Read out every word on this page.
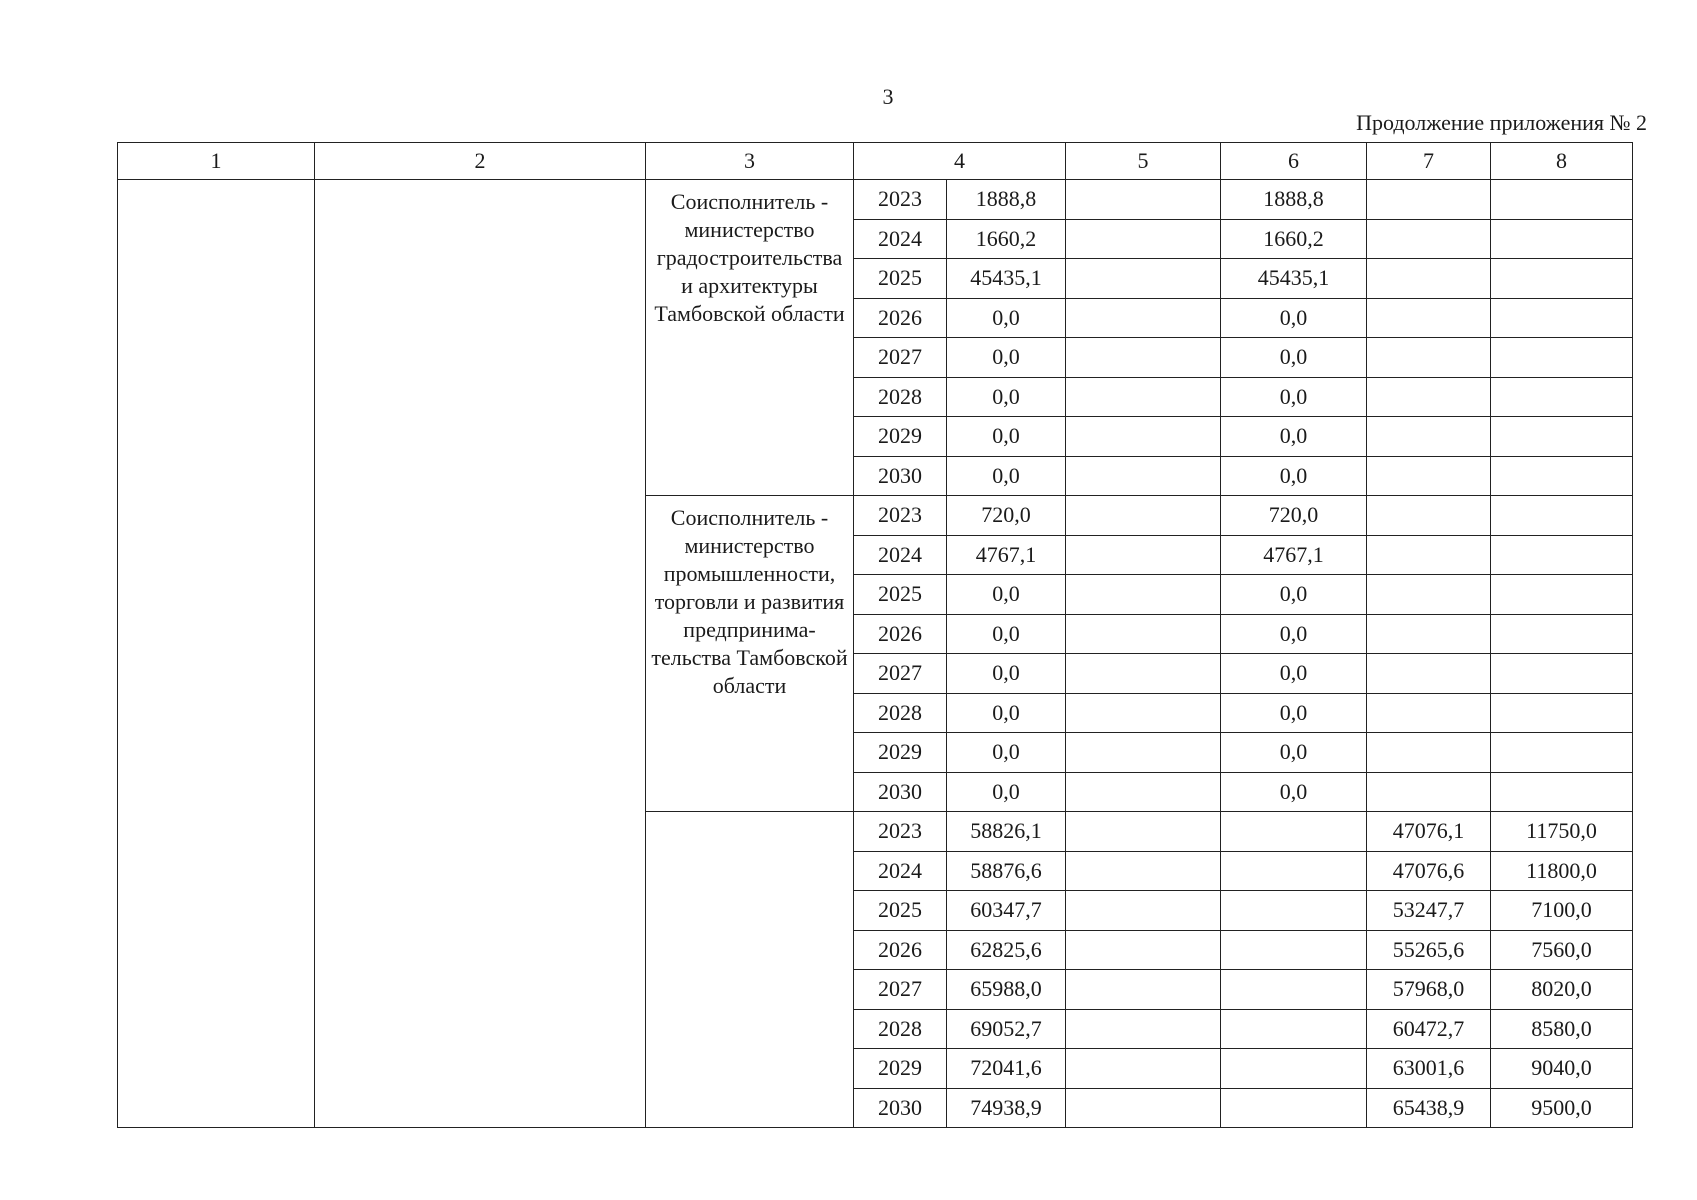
3
Продолжение приложения № 2
1	2	3	4		5	6	7	8
		Соисполнитель - министерство градостроительства и архитектуры Тамбовской области	2023	1888,8		1888,8		
			2024	1660,2		1660,2		
			2025	45435,1		45435,1		
			2026	0,0		0,0		
			2027	0,0		0,0		
			2028	0,0		0,0		
			2029	0,0		0,0		
			2030	0,0		0,0		
		Соисполнитель - министерство промышленности, торговли и развития предпринима-тельства Тамбовской области	2023	720,0		720,0		
			2024	4767,1		4767,1		
			2025	0,0		0,0		
			2026	0,0		0,0		
			2027	0,0		0,0		
			2028	0,0		0,0		
			2029	0,0		0,0		
			2030	0,0		0,0		
			2023	58826,1			47076,1	11750,0
			2024	58876,6			47076,6	11800,0
			2025	60347,7			53247,7	7100,0
			2026	62825,6			55265,6	7560,0
			2027	65988,0			57968,0	8020,0
			2028	69052,7			60472,7	8580,0
			2029	72041,6			63001,6	9040,0
			2030	74938,9			65438,9	9500,0
